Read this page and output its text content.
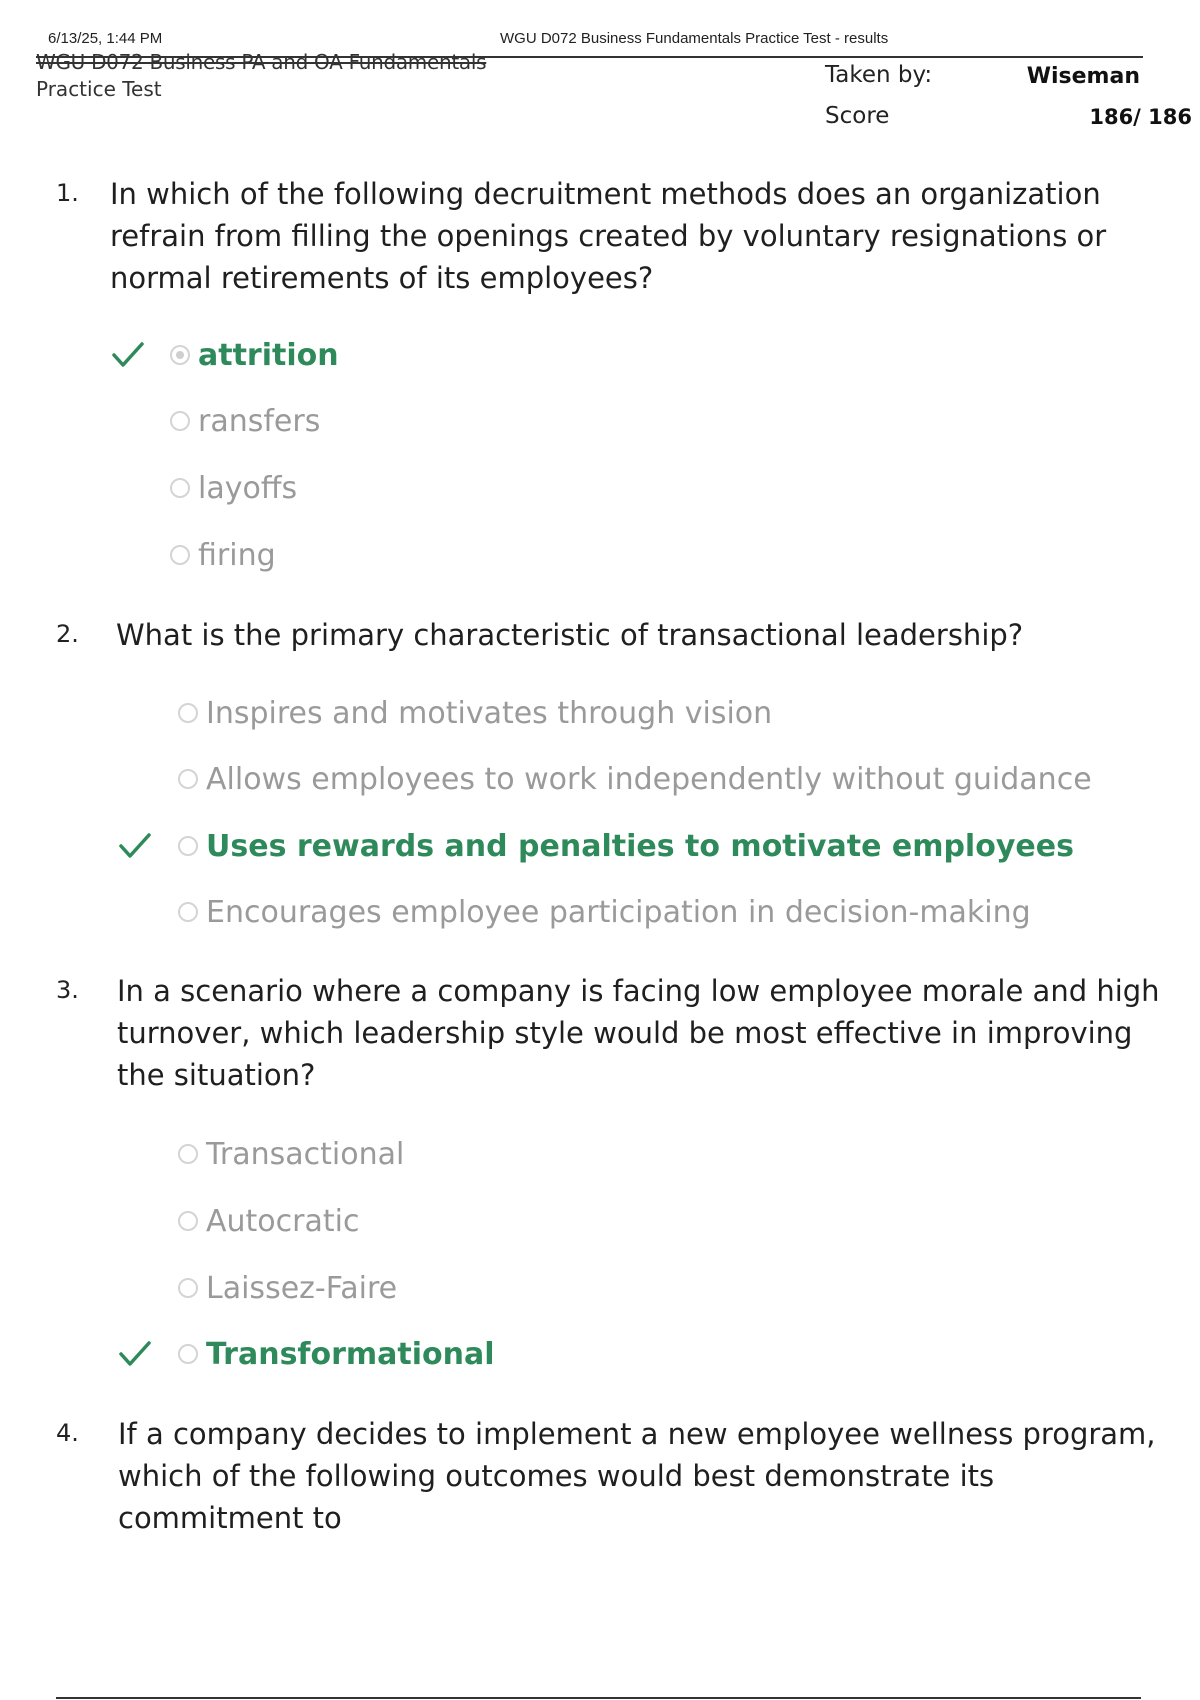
6/13/25, 1:44 PM	WGU D072 Business Fundamentals Practice Test - results
WGU D072 Business PA and OA Fundamentals
Practice Test
Taken by:	Wiseman
Score	186/ 186
1. In which of the following decruitment methods does an organization refrain from filling the openings created by voluntary resignations or normal retirements of its employees?
attrition
ransfers
layoffs
firing
2. What is the primary characteristic of transactional leadership?
Inspires and motivates through vision
Allows employees to work independently without guidance
Uses rewards and penalties to motivate employees
Encourages employee participation in decision-making
3. In a scenario where a company is facing low employee morale and high turnover, which leadership style would be most effective in improving the situation?
Transactional
Autocratic
Laissez-Faire
Transformational
4. If a company decides to implement a new employee wellness program, which of the following outcomes would best demonstrate its commitment to
